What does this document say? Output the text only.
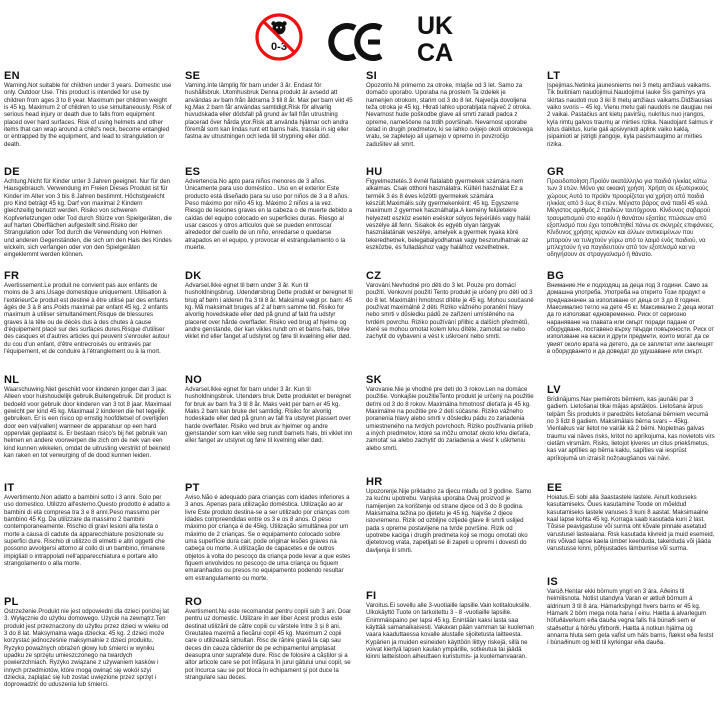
0-3
UK
CA
EN
Warning.Not suitable for children under 3 years. Domestic use only. Outdoor Use. This product is intended for use by children from ages 3 to 8 year. Maximum per children weight is 45 kg. Maximum 2 of children to use simultaneously. Risk of serious head injury or death due to falls from equipment placed over hard surfaces. Risk of using helmets and other items that can wrap around a child's neck, become entangled or entrapped by the equipment, and lead to strangulation or death.
DE
Achtung.Nicht für Kinder unter 3 Jahren geeignet. Nur für den Hausgebrauch. Verwendung im Freien Dieses Produkt ist für Kinder im Alter von 3 bis 8 Jahren bestimmt. Höchstgewicht pro Kind beträgt 45 kg. Darf von maximal 2 Kindern gleichzeitig benutzt werden. Risiko von schweren Kopfverletzungen oder Tod durch Stürze von Spielgeräten, die auf harten Oberflächen aufgestellt sind.Risiko der Strangulation oder Tod durch die Verwendung von Helmen und anderen Gegenständen, die sich um den Hals des Kindes wickeln, sich verfangen oder von den Spielgeräten eingeklemmt werden können.
FR
Avertissement.Le produit ne convient pas aux enfants de moins de 3 ans.Usage domestique uniquement. Utilisation à l'extérieurCe produit est destiné à être utilisé par des enfants âgés de 3 à 8 ans.Poids maximal par enfant 45 kg. 2 enfants maximum à utiliser simultanément.Risque de blessures graves à la tête ou de décès dus à des chutes à cause d'équipement placé sur des surfaces dures.Risque d'utiliser des casques et d'autres articles qui peuvent s'enrouler autour du cou d'un enfant, d'être entrecroisés ou entravés par l'équipement, et de conduire à l'étranglement ou à la mort.
NL
Waarschuwing.Niet geschikt voor kinderen jonger dan 3 jaar. Alleen voor huishoudelijk gebruik.Buitengebruik. Dit product is bedoeld voor gebruik door kinderen van 3 tot 8 jaar. Maximaal gewicht per kind 45 kg. Maximaal 2 kinderen die het tegelijk gebruiken. Er is een risico op ernstig hoofdletsel of overlijden door een val(vallen) wanneer de apparatuur op een hard oppervlak geplaatst is. Er bestaan risico's bij het gebruik van helmen en andere voorwerpen die zich om de nek van een kind kunnen wikkelen, omdat de uitrusting verstrikt of bekneld kan raken en tot verwurging of de dood kunnen leiden.
IT
Avvertimento.Non adatto a bambini sotto i 3 anni. Solo per uso domestico. Utilizzo all'esterno.Questo prodotto è adatto a bambini di età compresa tra 3 e 8 anni.Peso massimo per bambino 45 Kg. Da utilizzare da massimo 2 bambini contemporaneamente. Rischio di gravi lesioni alla testa o morte a causa di cadute da apparecchiature posizionate su superfici dure. Rischio di utilizzo di elmetti e altri oggetti che possono avvolgersi attorno al collo di un bambino, rimanere impigliati o intrappolati nell'apparecchiatura e portare allo strangolamento o alla morte.
PL
Ostrzeżenie.Produkt nie jest odpowiedni dla dzieci poniżej lat 3. Wyłącznie do użytku domowego. Użycie na zewnątrz.Ten produkt jest przeznaczony do użytku przez dzieci w wieku od 3 do 8 lat. Maksymalna waga dziecka: 45 kg. 2 dzieci może korzystać jednocześnie maksymalnie z dzieci produktu. Ryzyko poważnych obrażeń głowy lub śmierci w wyniku upadku ze sprzętu umieszczonego na twardych powierzchniach. Ryzyko związane z używaniem kasków i innych przedmiotów, które mogą owinąć się wokół szyi dziecka, zaplątać się lub zostać uwięzione przez sprzęt i doprowadzić do uduszenia lub śmierci.
SE
Varning.Inte lämplig för barn under 3 år. Endast för hushållsbruk. Utomhusbruk Denna produkt är avsedd att användas av barn från åldrarna 3 till 8 år. Max per barn vikt 45 kg.Max 2 barn får användas samtidigt.Risk för allvarlig huvudskada eller dödsfall på grund av fall från utrustning placerad över hårda ytor.Risk att använda hjälmar och andra föremål som kan lindas runt ett barns hals, trassla in sig eller fastna av utrustningen och leda till strypning eller död.
ES
Advertencia.No apto para niños menores de 3 años. Únicamente para uso doméstico.. Uso en el exterior Este producto está diseñado para su uso por niños de 3 a 8 años. Peso máximo por niño 45 kg. Máximo 2 niños a la vez. Riesgo de lesiones graves en la cabeza o de muerte debido a caídas del equipo colocado en superficies duras. Riesgo al usar cascos y otros artículos que se pueden enrroscar alrededor del cuello de un niño, enredarse o quedarse atrapados en el equipo, y provocar el estrangulamiento o la muerte.
DK
Advarsel.Ikke egnet til børn under 3 år. Kun til husholdningsbrug. Udendørsbrug Dette produkt er beregnet til brug af børn i alderen fra 3 til 8 år. Maksimal vægt pr. barn: 45 kg. Må maksimalt bruges af 2 af børn samme tid. Risiko for alvorlig hovedskade eller død på grund af fald fra udstyr placeret over hårde overflader. Risiko ved brug af hjelme og andre genstande, der kan vikles rundt om et barns hals, blive viklet ind eller fanget af udstyret og føre til kvælning eller død.
NO
Advarsel.Ikke egnet for barn under 3 år. Kun til husholdningsbruk. Utendørs bruk Dette produktet er beregnet for bruk av barn fra 3 til 8 år. Maks vekt per barn er 45 kg. Maks 2 barn kan bruke det samtidig. Risiko for alvorlig hodeskade eller død på grunn av fall fra utstyret plassert over harde overflater. Risiko ved bruk av hjelmer og andre gjenstander som kan vikle seg rundt barnets hals, bli viklet inn eller fanget av utstyret og føre til kvelning eller død.
PT
Aviso.Não é adequado para crianças com idades inferiores a 3 anos. Apenas para utilização doméstica. Utilização ao ar livre Este produto destina-se a ser utilizado por crianças com idades compreendidas entre os 3 e os 8 anos. O peso máximo por criança é de 45kg. Utilização simultânea por um máximo de 2 crianças. Se o equipamento colocado sobre uma superfície dura cair, pode originar lesões graves na cabeça ou morte. A utilização de capacetes e de outros objetos à volta do pescoço da criança pode levar a que estes fiquem envolvidos no pescoço de uma criança ou fiquem emaranhados ou presos no equipamento podendo resultar em estrangulamento ou morte.
RO
Avertisment.Nu este recomandat pentru copiii sub 3 ani. Doar pentru uz domestic. Utilizare în aer liber Acest produs este destinat utilizării de către copiii cu vârstele între 3 și 8 ani. Greutatea maximă a fiecărui copil 45 kg. Maximum 2 copii care o utilizează simultan. Risc de rănire gravă la cap sau deces din cauza căderilor de pe echipamentul amplasat deasupra unor suprafețe dure. Risc de folosire a căștilor și a altor articole care se pot înfășura în jurul gâtului unui copil, se pot încurca sau se pot bloca în echipament și pot duce la strangulare sau deces.
SI
Opozorilo.Ni primerno za otroke, mlajše od 3 let. Samo za domačo uporabo. Uporaba na prostem Ta izdelek je namenjen otrokom, starim od 3 do 8 let. Največja dovoljena teža otroka je 45 kg. Hkrati lahko uporabljata največ 2 otroka. Nevarnost hude poškodbe glave ali smrti zaradi padca z opreme, nameščene na trdih površinah. Nevarnost uporabe čelad in drugih predmetov, ki se lahko ovijejo okoli otrokovega vratu, se zapletejo ali ujamejo v opremo in povzročijo zadušitev ali smrt.
HU
Figyelmeztetés.3 évnél fiatalabb gyermekek számára nem alkalmas. Csak otthoni használatra. Kültéri használat Ez a termék 3 és 8 éves közötti gyermekek számára készült.Maximális súly gyermekenként: 45 kg. Egyszerre maximum 2 gyermek használhatja.A kemény felületekre helyezett eszköz esetén eséskor súlyos fejsérülés vagy halál veszélye áll fenn. Sisakok és egyéb olyan tárgyak használatának veszélye, amelyek a gyermek nyaka köré tekeredhetnek, belegabalyodhatnak vagy beszorulhatnak az eszközbe, és fulladáshoz vagy halálhoz vezethetnek.
CZ
Varování.Nevhodné pro děti do 3 let. Pouze pro domácí použití. Venkovní použití Tento produkt je určený pro děti od 3 do 8 let. Maximální hmotnost dítěte je 45 kg. Mohou současně používat maximálně 2 děti. Riziko vážného poranění hlavy nebo smrti v důsledku pádů ze zařízení umístěného na tvrdém povrchu. Riziko používání přilbic a dalších předmětů, které se mohou omotat kolem krku dítěte, zamotat se nebo zachytit do vybavení a vést k uškrcení nebo smrti.
SK
Varovanie.Nie je vhodné pre deti do 3 rokov.Len na domáce použitie. Vonkajšie použitieTento produkt je určený na použitie deťmi od 3 do 8 rokov. Maximálna hmotnosť dieťaťa je 45 kg. Maximálne na použitie pre 2 deti súčasne. Riziko vážneho poranenia hlavy alebo smrti v dôsledku pádu zo zariadenia umiestneného na tvrdých povrchoch. Riziko používania prilieb a iných predmetov, ktoré sa môžu omotať okolo krku dieťaťa, zamotať sa alebo zachytiť do zariadenia a viesť k uškrteniu alebo smrti.
HR
Upozorenje.Nije prikladno za djecu mlađu od 3 godine. Samo za kućnu upotrebu. Vanjska uporaba Ovaj proizvod je namijenjen za korištenje od strane djece od 3 do 8 godina. Maksimalna težina po djetetu je 45 kg. Najviše 2 djece istovremeno. Rizik od ozbiljne ozljede glave ili smrti uslijed pada s opreme postavljene na tvrde površine. Rizik od upotrebe kaciga i drugih predmeta koji se mogu omotati oko djetetovog vrata, zapetljati se ili zapeti u opremi i dovesti do davljenja ili smrti.
FI
Varoitus.Ei sovellu alle 3-vuotiaille lapsille.Vain kotitalouksille. Ulkokäyttö Tuote on tarkoitettu 3 - 8 -vuotiaille lapsille. Enimmäispaino per lapsi 45 kg. Enintään kaksi lasta saa käyttää samanaikaisesti. Vakavan pään vamman tai kuoleman vaara kaaduttaessa kovalle alustalle sijoitetusta laitteesta. Kypärien ja muiden esineiden käyttöön liittyy riskejä, sillä ne voivat kiertyä lapsen kaulan ympärille, sotkeutua tai jäädä kiinni laitteistoon aiheuttaen kuristumis- ja kuolemanvaaran.
LT
Įspėjimas.Netinka jaunesniems nei 3 metų amžiaus vaikams. Tik buitiniam naudojimui.Naudojimui lauke Šis gaminys yra skirtas naudoti nuo 3 iki 8 metų amžiaus vaikams.Didžiausias vaiko svoris – 45 kg. Vienu metu gali naudotis ne daugiau nei 2 vaikai. Pastačius ant kietų paviršių, nukritus nuo įrangos, kyla rimtų galvos traumų ar mirties rizika. Naudojant šalmus ir kitus daiktus, kurie gali apsivynioti aplink vaiko kaklą, įsipainioti ar įstrigti įrangoje, kyla pasismaugimo ar mirties rizika.
GR
Προειδοποίηση.Προϊόν ακατάλληλο για παιδιά ηλικίας κάτω των 3 ετών. Μόνο για οικιακή χρήση. Χρήση σε εξωτερικούς χώρους Αυτό το προϊόν προορίζεται για χρήση από παιδιά ηλικίας από 3 έως 8 ετών. Μέγιστο βάρος ανά παιδί 45 κιλά. Μέγιστος αριθμός 2 παιδιών ταυτόχρονα. Κίνδυνος σοβαρού τραυματισμού στο κεφάλι ή θανάτου εξαιτίας πτώσεων από εξοπλισμό που έχει τοποθετηθεί πάνω σε σκληρές επιφάνειες. Κίνδυνος χρήσης κρανών και άλλων αντικειμένων που μπορούν να τυλιχτούν γύρω από το λαιμό ενός παιδιού, να μπλεχτούν ή να παγιδευτούν από τον εξοπλισμό και να οδηγήσουν σε στραγγαλισμό ή θάνατο.
BG
Внимание.Не е подходящ за деца под 3 години. Само за домашна употреба. Употреба на открито Този продукт е предназначен за използване от деца от 3 до 8 години. Максимално тегло на дете 45 кг. Максимално 2 деца могат да го използват едновременно. Риск от сериозно нараняване на главата или смърт поради падане от оборудване, поставено върху твърди повърхности. Риск от използване на каски и други предмети, които могат да се увият около врата на детето, да се заплетат или заклещят в оборудването и да доведат до удушаване или смърт.
LV
Brīdinājums.Nav piemērots bērniem, kas jaunāki par 3 gadiem. Lietošanai tikai mājas apstākļos. Lietošana ārpus telpām Šis produkts ir paredzēts lietošanai bērniem vecumā no 3 līdz 8 gadiem. Maksimālais bērna svars – 45kg. Vienlaikus var lietot ne vairāk kā 2 bērni. Nopietnas galvas traumu vai nāves risks, kritot no aprīkojuma, kas novietots virs cietām virsmām. Risks, lietojot ķiveres un citus priekšmetus, kas var aptīties ap bērna kaklu, sapīties vai iesprūst aprīkojumā un izraisīt nožņaugšanos vai nāvi.
EE
Hoiatus.Ei sobi alla 3aastastele lastele. Ainult koduseks kasutamiseks. Õues kasutamine Toode on mõeldud kasutamiseks lastele vanuses 3 kuni 8 aastat. Maksimaalne kaal lapse kohta 45 kg. Korraga saab kasutada kuni 2 last. Tõsise peavigastuse või surma oht kõvale pinnale asetatud varustusel lasteaiana. Risk kasutada kiivreid ja muid esemeid, mis võivad lapse kaela ümber keerduda, takerduda või jääda varustusse kinni, põhjustades lämbumise või surma.
IS
Varúð.Hentar ekki börnum yngri en 3 ára. Aðeins til heimilisnota. Notist utandyra Varan er ætluð börnum á aldrinum 3 til 8 ára. Hámarksþyngd hvers barns er 45 kg. Hámark 2 börn mega nota hana í einu. Hætta á alvarlegum höfuðáverkum eða dauða vegna falls frá búnaði sem er staðsettur á hörðu yfirborði. Hætta á notkun hjálma og annarra hluta sem geta vafist um háls barns, flækst eða festst í búnaðinum og leitt til kyrkingar eða dauða.
